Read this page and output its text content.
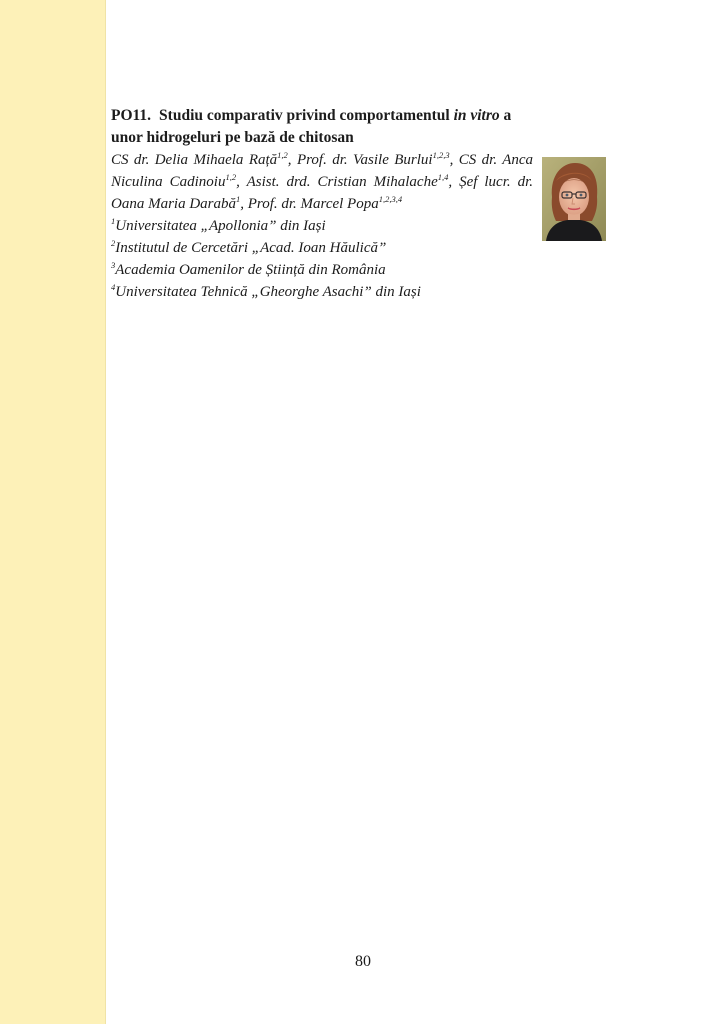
PO11. Studiu comparativ privind comportamentul in vitro a unor hidrogeluri pe bază de chitosan

CS dr. Delia Mihaela Rață$^{1,2}$, Prof. dr. Vasile Burlui$^{1,2,3}$, CS dr. Anca Niculina Cadinoiu$^{1,2}$, Asist. drd. Cristian Mihalache$^{1,4}$, Șef lucr. dr. Oana Maria Darabă$^1$, Prof. dr. Marcel Popa$^{1,2,3,4}$

$^1$Universitatea „Apollonia” din Iași

$^2$Institutul de Cercetări „Acad. Ioan Hăulică”

$^3$Academia Oamenilor de Știință din România

$^4$Universitatea Tehnică „Gheorghe Asachi” din Iași

80
